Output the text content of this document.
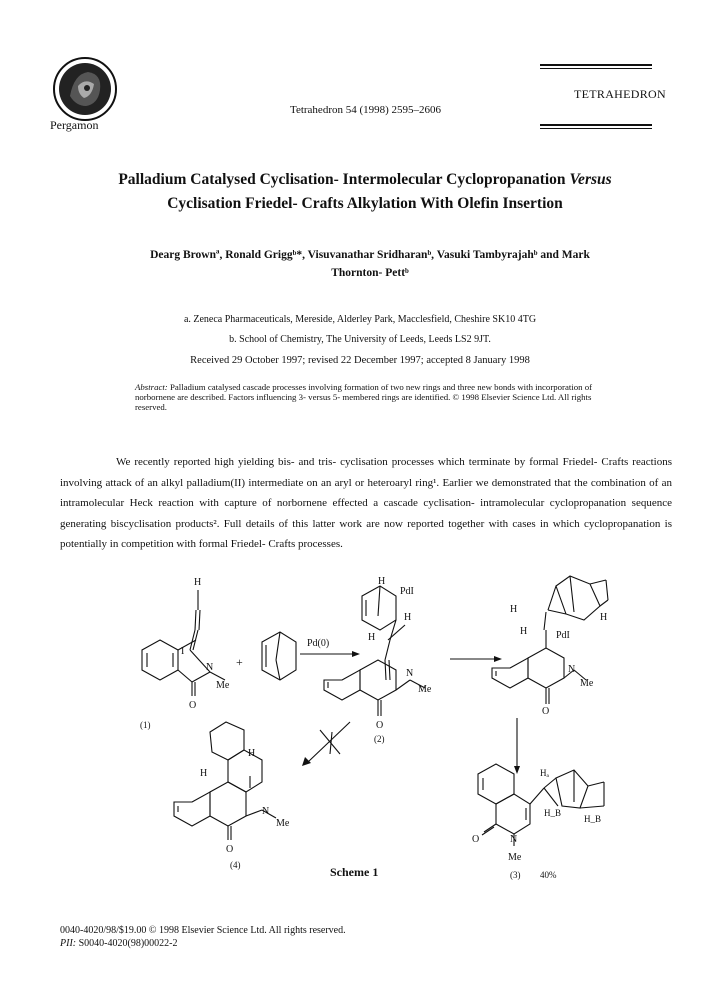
Pergamon
Tetrahedron 54 (1998) 2595–2606
TETRAHEDRON
Palladium Catalysed Cyclisation- Intermolecular Cyclopropanation Versus
Cyclisation Friedel- Crafts Alkylation With Olefin Insertion
Dearg Brownª, Ronald Griggᵇ*, Visuvanathar Sridharanᵇ, Vasuki Tambyrajahᵇ and Mark
Thornton- Pettᵇ
a. Zeneca Pharmaceuticals, Mereside, Alderley Park, Macclesfield, Cheshire SK10 4TG
b. School of Chemistry, The University of Leeds, Leeds LS2 9JT.
Received 29 October 1997; revised 22 December 1997; accepted 8 January 1998
Abstract: Palladium catalysed cascade processes involving formation of two new rings and three new bonds with incorporation of norbornene are described. Factors influencing 3- versus 5- membered rings are identified. © 1998 Elsevier Science Ltd. All rights reserved.

We recently reported high yielding bis- and tris- cyclisation processes which terminate by formal Friedel- Crafts reactions involving attack of an alkyl palladium(II) intermediate on an aryl or heteroaryl ring¹. Earlier we demonstrated that the combination of an intramolecular Heck reaction with capture of norbornene effected a cascade cyclisation- intramolecular cyclopropanation sequence generating biscyclisation products². Full details of this latter work are now reported together with cases in which cyclopropanation is potentially in competition with formal Friedel- Crafts processes.

H
I
N
Me
O
(1)
+
Pd(0)
H
PdI
H
H
N
Me
O
(2)
H
H
H	PdI
N
Me
O
H
H
N
Me
O
(4)
Hₐ
H_B
H_B
N
O
Me
(3) 40%
Scheme 1
0040-4020/98/$19.00 © 1998 Elsevier Science Ltd. All rights reserved.
PII: S0040-4020(98)00022-2
